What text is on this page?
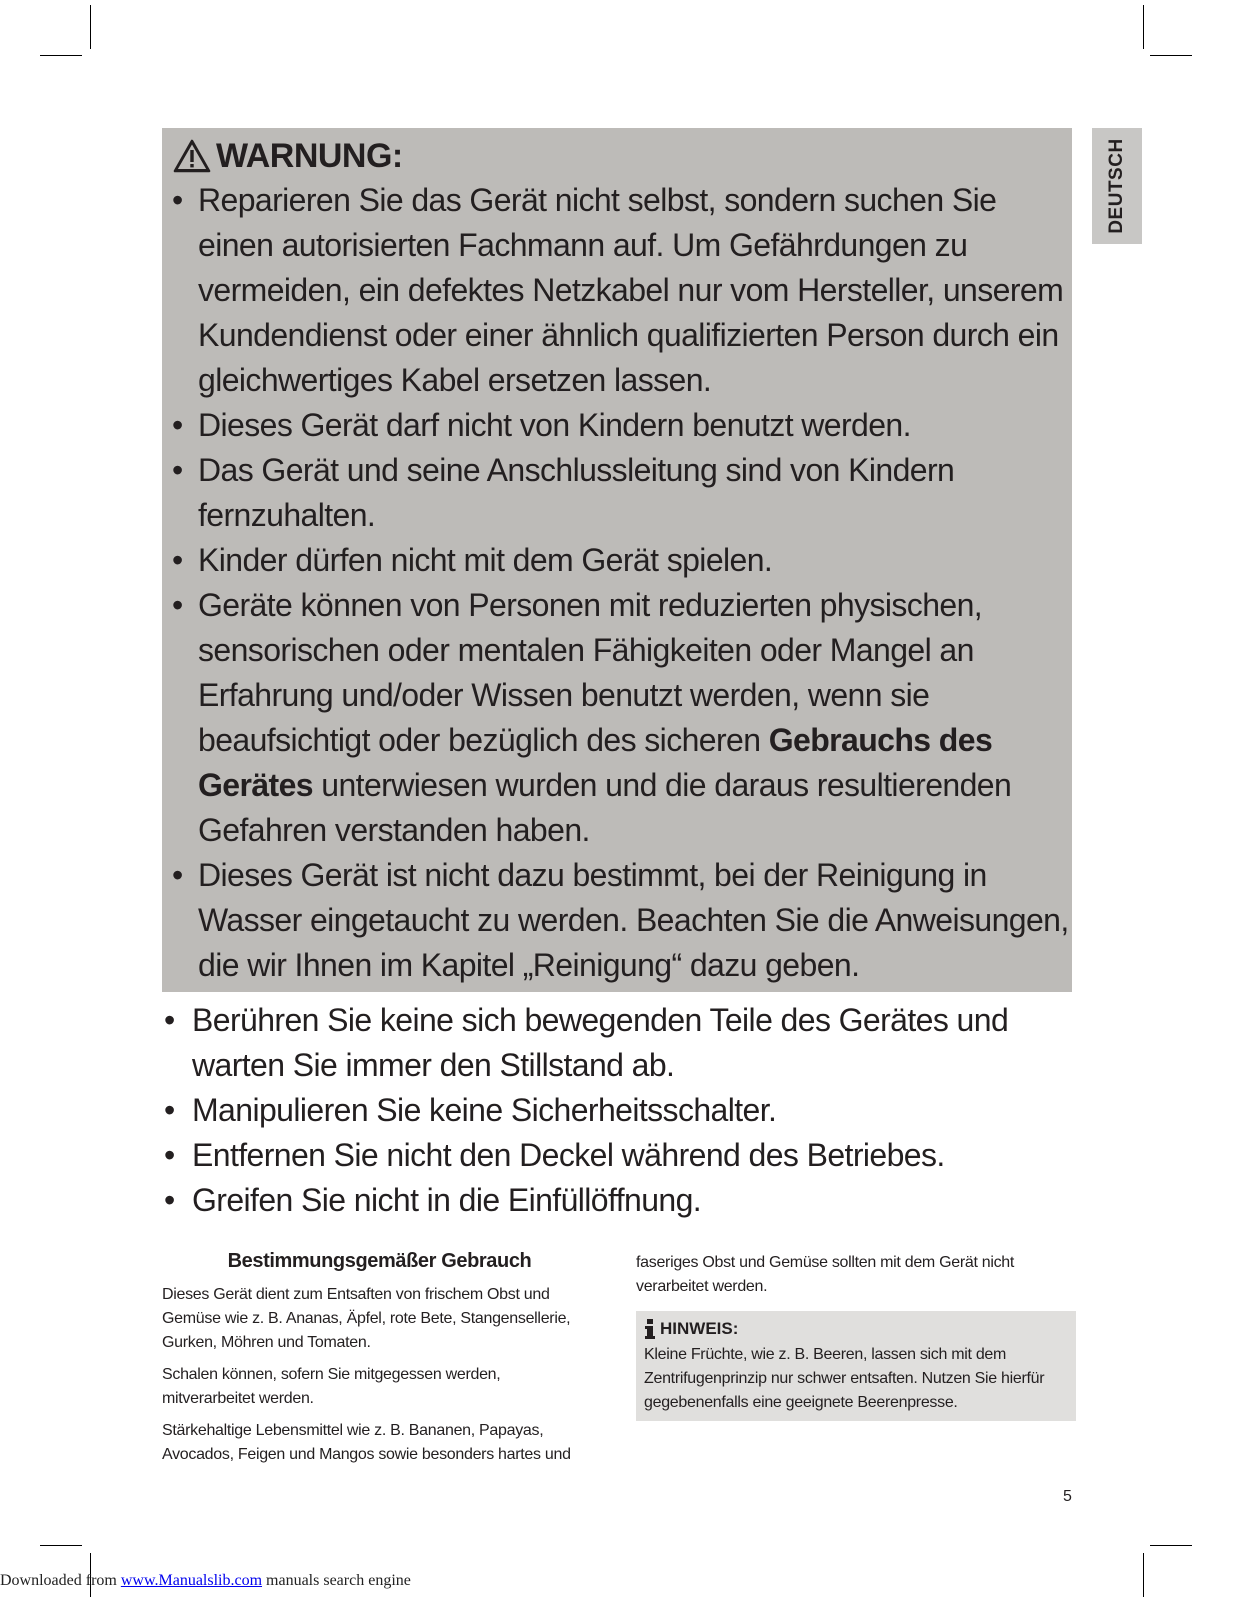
DEUTSCH
WARNUNG:
• Reparieren Sie das Gerät nicht selbst, sondern suchen Sie einen autorisierten Fachmann auf. Um Gefährdungen zu vermeiden, ein defektes Netzkabel nur vom Hersteller, unserem Kundendienst oder einer ähnlich qualifizierten Person durch ein gleichwertiges Kabel ersetzen lassen.
• Dieses Gerät darf nicht von Kindern benutzt werden.
• Das Gerät und seine Anschlussleitung sind von Kindern fernzuhalten.
• Kinder dürfen nicht mit dem Gerät spielen.
• Geräte können von Personen mit reduzierten physischen, sensorischen oder mentalen Fähigkeiten oder Mangel an Erfahrung und/oder Wissen benutzt werden, wenn sie beaufsichtigt oder bezüglich des sicheren Gebrauchs des Gerätes unterwiesen wurden und die daraus resultierenden Gefahren verstanden haben.
• Dieses Gerät ist nicht dazu bestimmt, bei der Reinigung in Wasser eingetaucht zu werden. Beachten Sie die Anweisungen, die wir Ihnen im Kapitel „Reinigung“ dazu geben.
• Berühren Sie keine sich bewegenden Teile des Gerätes und warten Sie immer den Stillstand ab.
• Manipulieren Sie keine Sicherheitsschalter.
• Entfernen Sie nicht den Deckel während des Betriebes.
• Greifen Sie nicht in die Einfüllöffnung.
Bestimmungsgemäßer Gebrauch

Dieses Gerät dient zum Entsaften von frischem Obst und Gemüse wie z. B. Ananas, Äpfel, rote Bete, Stangensellerie, Gurken, Möhren und Tomaten.

Schalen können, sofern Sie mitgegessen werden, mitverarbeitet werden.

Stärkehaltige Lebensmittel wie z. B. Bananen, Papayas, Avocados, Feigen und Mangos sowie besonders hartes und

faseriges Obst und Gemüse sollten mit dem Gerät nicht verarbeitet werden.

HINWEIS:

Kleine Früchte, wie z. B. Beeren, lassen sich mit dem Zentrifugenprinzip nur schwer entsaften. Nutzen Sie hierfür gegebenenfalls eine geeignete Beerenpresse.

5
Downloaded from www.Manualslib.com manuals search engine
